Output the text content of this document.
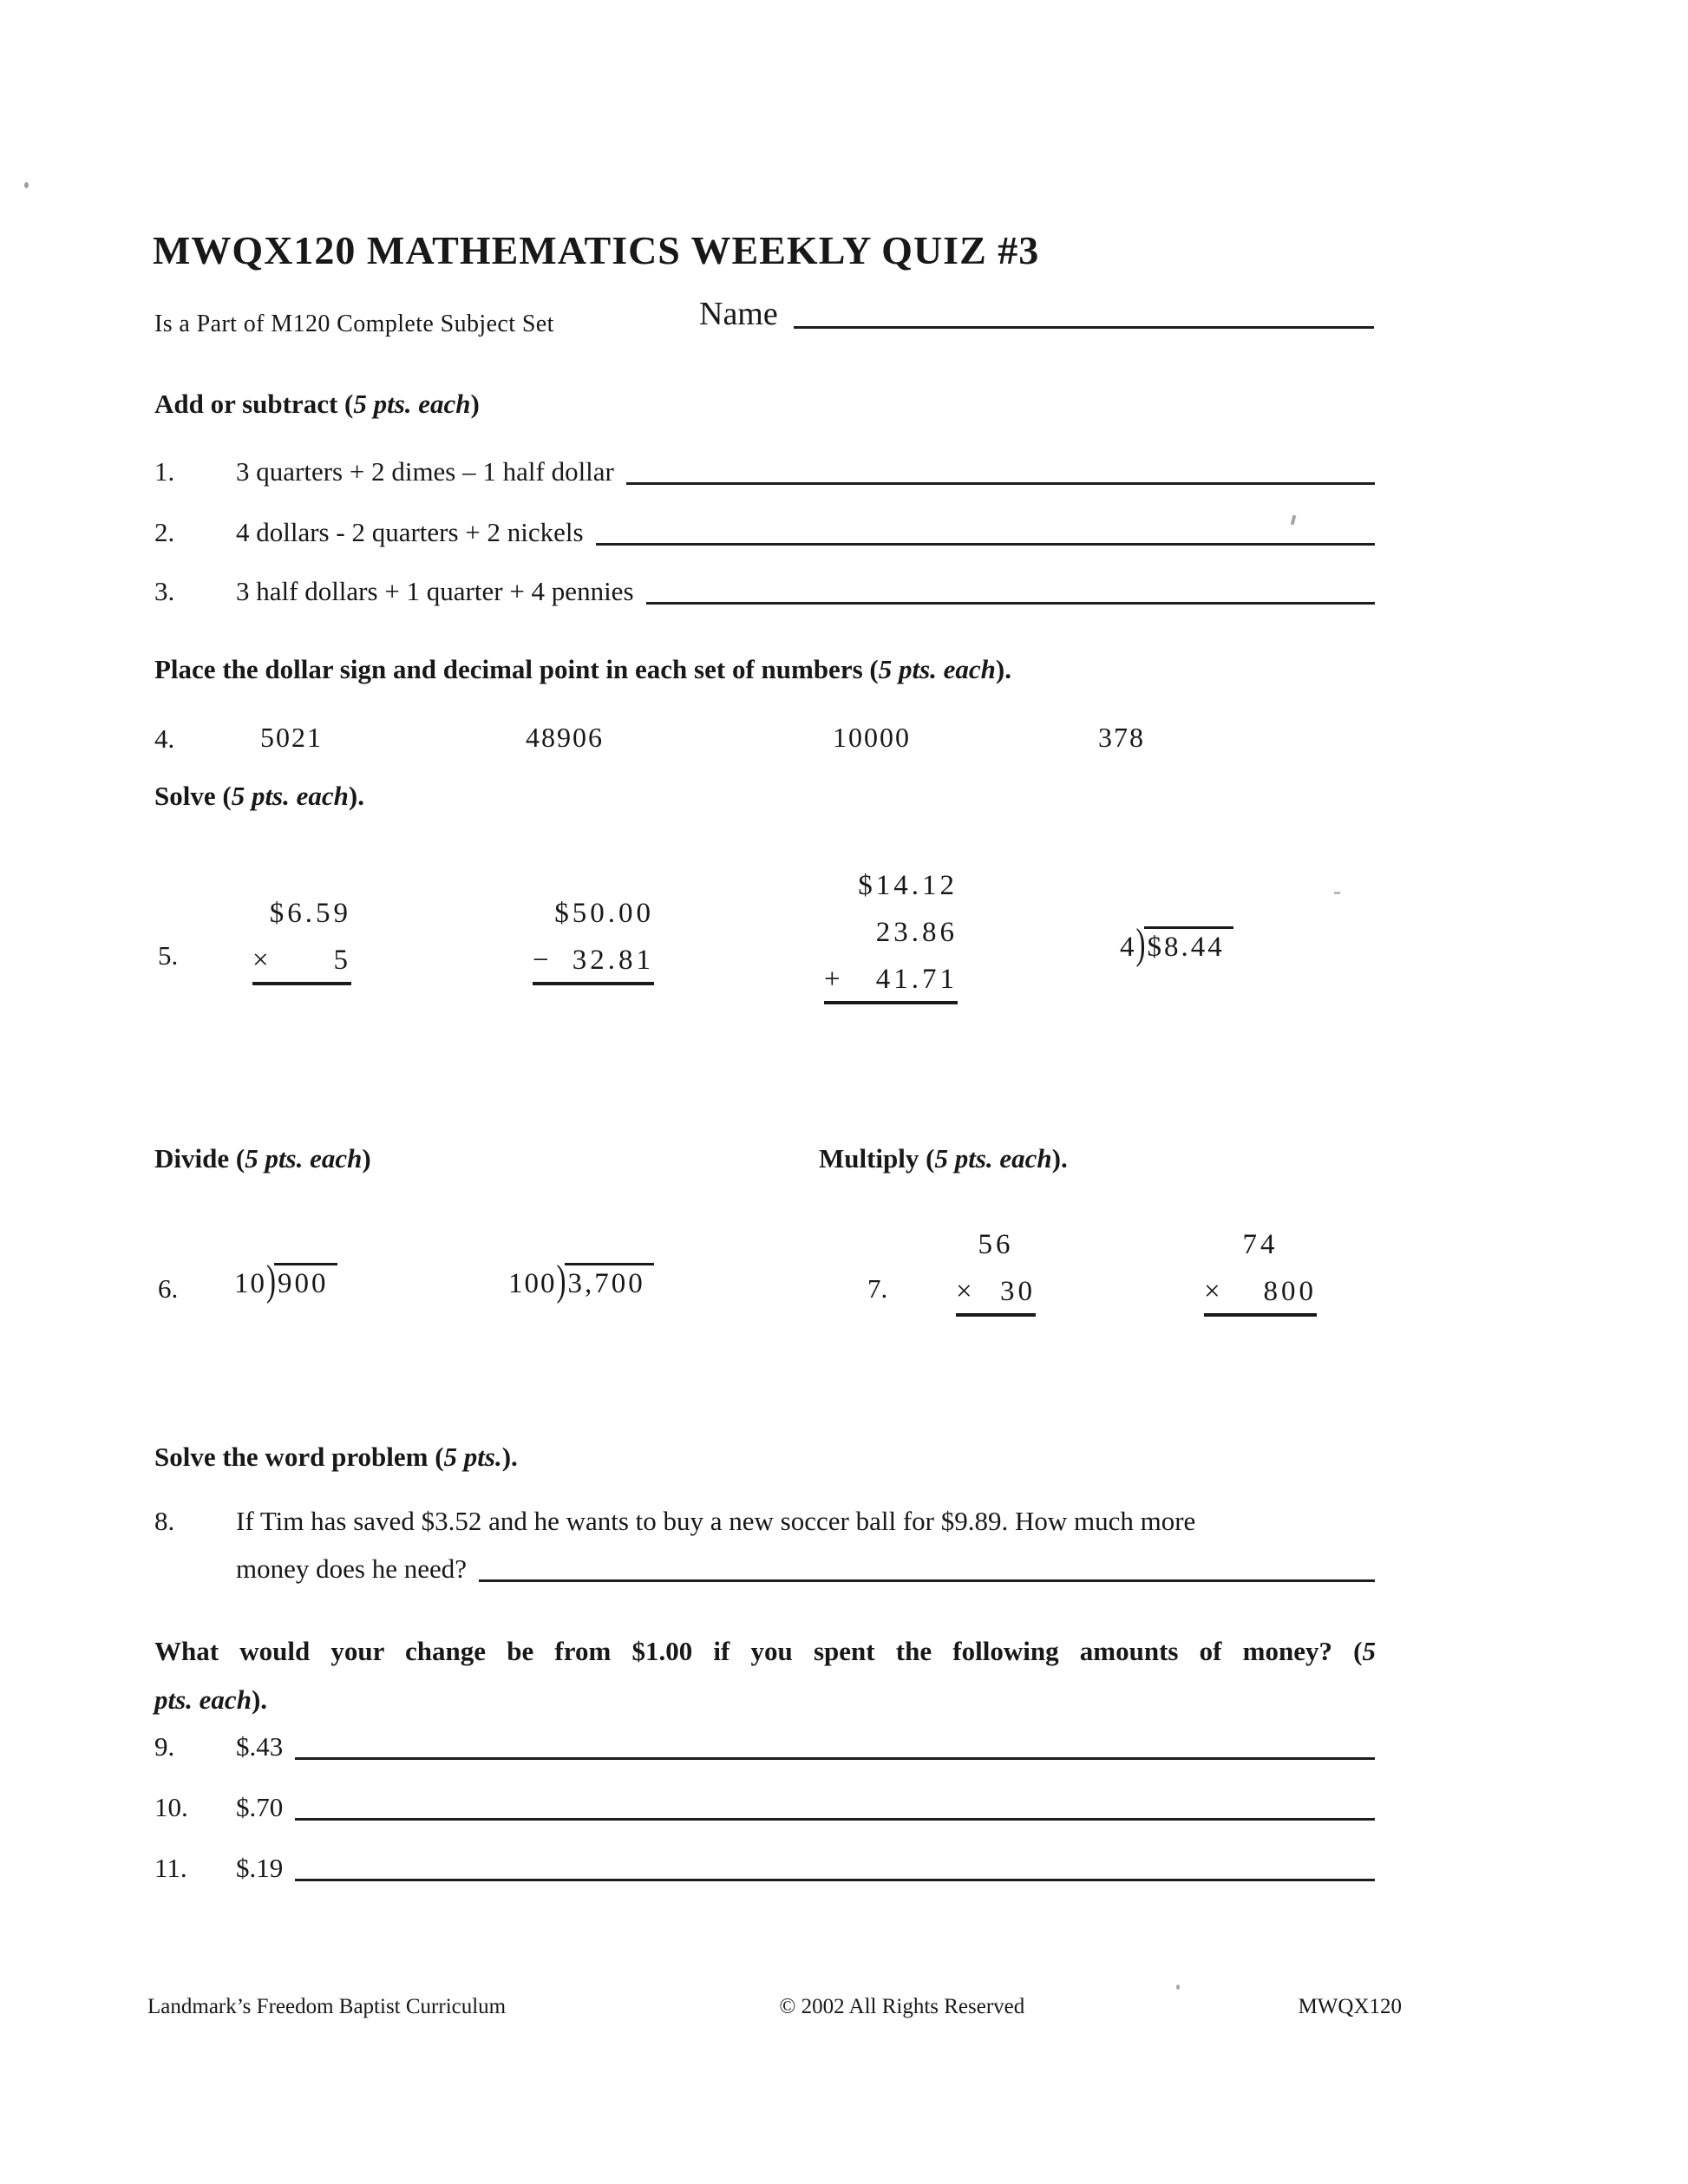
MWQX120 MATHEMATICS WEEKLY QUIZ #3
Is a Part of M120 Complete Subject Set	Name
Add or subtract (5 pts. each)
1.	3 quarters + 2 dimes – 1 half dollar
2.	4 dollars - 2 quarters + 2 nickels
3.	3 half dollars + 1 quarter + 4 pennies
Place the dollar sign and decimal point in each set of numbers (5 pts. each).
4.	5021	48906	10000	378
Solve (5 pts. each).
5.
$6.59
× 5
$50.00
− 32.81
$14.12
23.86
+ 41.71
4)$8.44
Divide (5 pts. each)	Multiply (5 pts. each).
6. 10)900	100)3,700	7.
56
× 30
74
× 800
Solve the word problem (5 pts.).
8.	If Tim has saved $3.52 and he wants to buy a new soccer ball for $9.89. How much more
money does he need?
What would your change be from $1.00 if you spent the following amounts of money? (5
pts. each).
9.	$.43
10.	$.70
11.	$.19
Landmark’s Freedom Baptist Curriculum	© 2002 All Rights Reserved	MWQX120
